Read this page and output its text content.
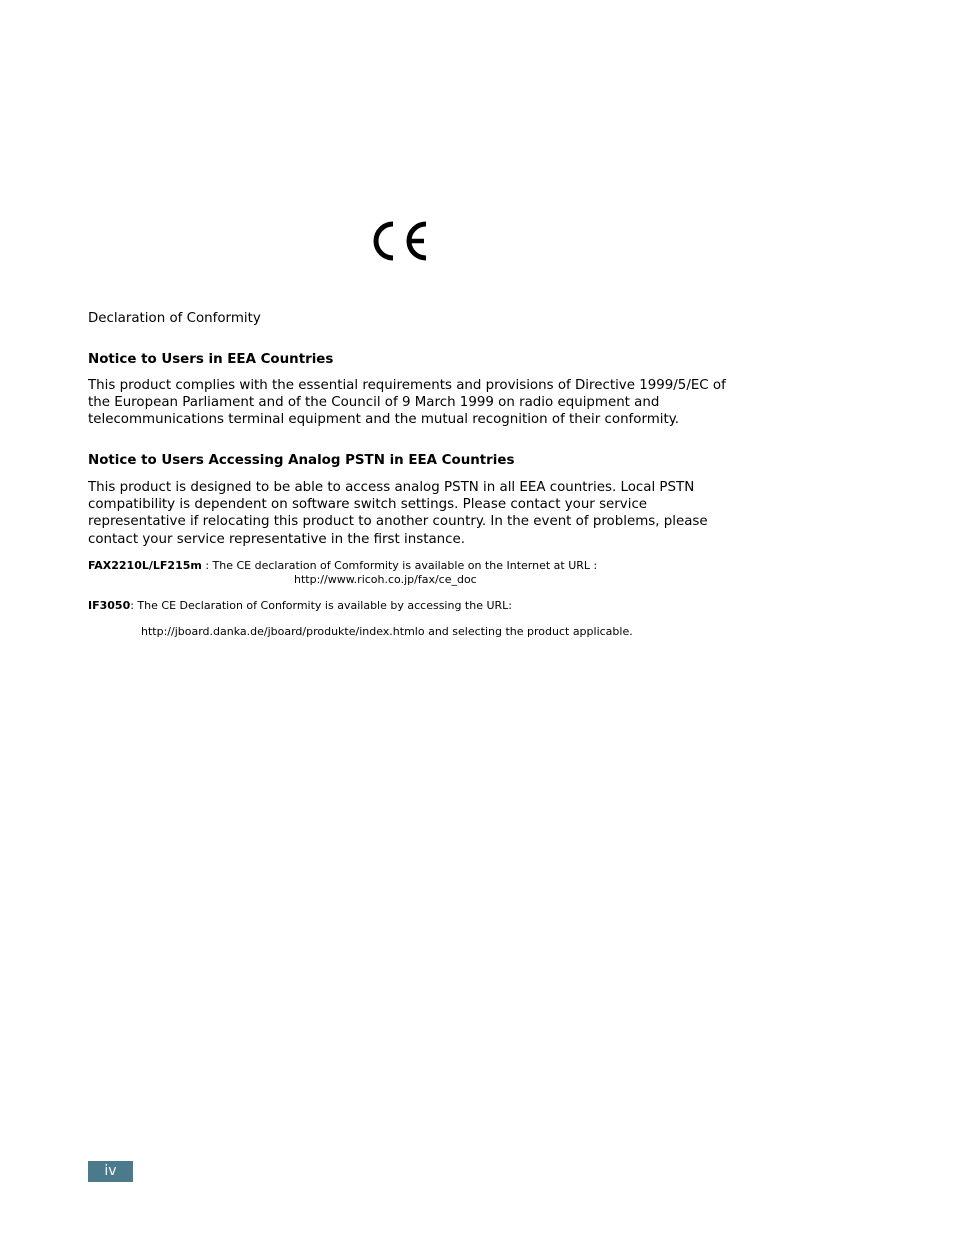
Declaration of Conformity

Notice to Users in EEA Countries

This product complies with the essential requirements and provisions of Directive 1999/5/EC of the European Parliament and of the Council of 9 March 1999 on radio equipment and telecommunications terminal equipment and the mutual recognition of their conformity.

Notice to Users Accessing Analog PSTN in EEA Countries

This product is designed to be able to access analog PSTN in all EEA countries. Local PSTN compatibility is dependent on software switch settings. Please contact your service representative if relocating this product to another country. In the event of problems, please contact your service representative in the first instance.

FAX2210L/LF215m : The CE declaration of Comformity is available on the Internet at URL :

http://www.ricoh.co.jp/fax/ce_doc

IF3050: The CE Declaration of Conformity is available by accessing the URL:

http://jboard.danka.de/jboard/produkte/index.htmlo and selecting the product applicable.

iv
